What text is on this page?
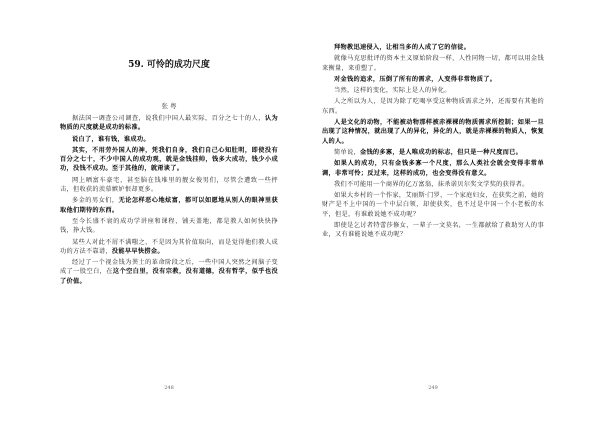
59. 可怜的成功尺度
张 粤

据法国一调查公司调查，说我们中国人最实际，百分之七十的人，认为物质的尺度就是成功的标准。

说白了，谁有钱，谁成功。

其实，不用劳外国人的神，凭我们自身，我们自己心知肚明，即使没有百分之七十，不少中国人的成功观，就是金钱挂帅，钱多大成功，钱少小成功，没钱不成功。至于其他的，就甭谈了。

网上晒富车豪宅，甚至脑在钱堆里的靓女俊男们，尽管会遭致一些抨击，但收获的羡慕嫉妒恨却更多。

多金的男女们，无论怎样恶心地炫富，都可以如愿地从别人的眼神里获取他们期待的东西。

至今长盛不衰的成功学讲座和课程，铺天盖地，都是教人如何快快挣钱，挣大钱。

某些人对此不屑不满嗤之，不是因为其价值取向，而是觉得他们教人成功的方法不靠谱，没能早早快捞金。

经过了一个视金钱为粪土的革命阶段之后，一些中国人突然之间脑子变成了一股空白，在这个空白里，没有宗教，没有道德，没有哲学，似乎也没了价值。

248

拜物教迅速侵入，让相当多的人成了它的信徒。

就像马克思批评的资本主义原始阶段一样，人性同物一切，都可以用金钱来衡量，来重塑了。

对金钱的追求，压倒了所有的需求，人变得非常物质了。

当然，这样的变化，实际上是人的异化。

人之所以为人，是因为除了吃喝享受这种物质需求之外，还需要有其他的东西。

人是文化的动物，不能被动物那样被赤裸裸的物质需求所控制；如果一旦出现了这种情况，就出现了人的异化，异化的人，就是赤裸裸的物质人，恢复人的人。

简单说，金钱的多寡，是人唯成功的标志，但只是一种尺度而已。

如果人的成功，只有金钱多寡一个尺度，那么人类社会就会变得非常单调，非常可怜；反过来，这样的成功，也会变得没有意义。

我们不可能用一个商界的亿万富翁，抹杀诺贝尔奖文学奖的获得者。

如果大乡村的一个作家，艾丽斯·门罗，一个家庭妇女，在获奖之前，她的财产是不上中国的一个中层白领，却使获奖，也不过是中国一个小老板的水平，但是，有谁敢说她不成功呢？

即使是乞讨者特蕾莎修女，一辈子一文莫名，一生都献给了救助穷人的事业，又有谁能说她不成功呢？

249
